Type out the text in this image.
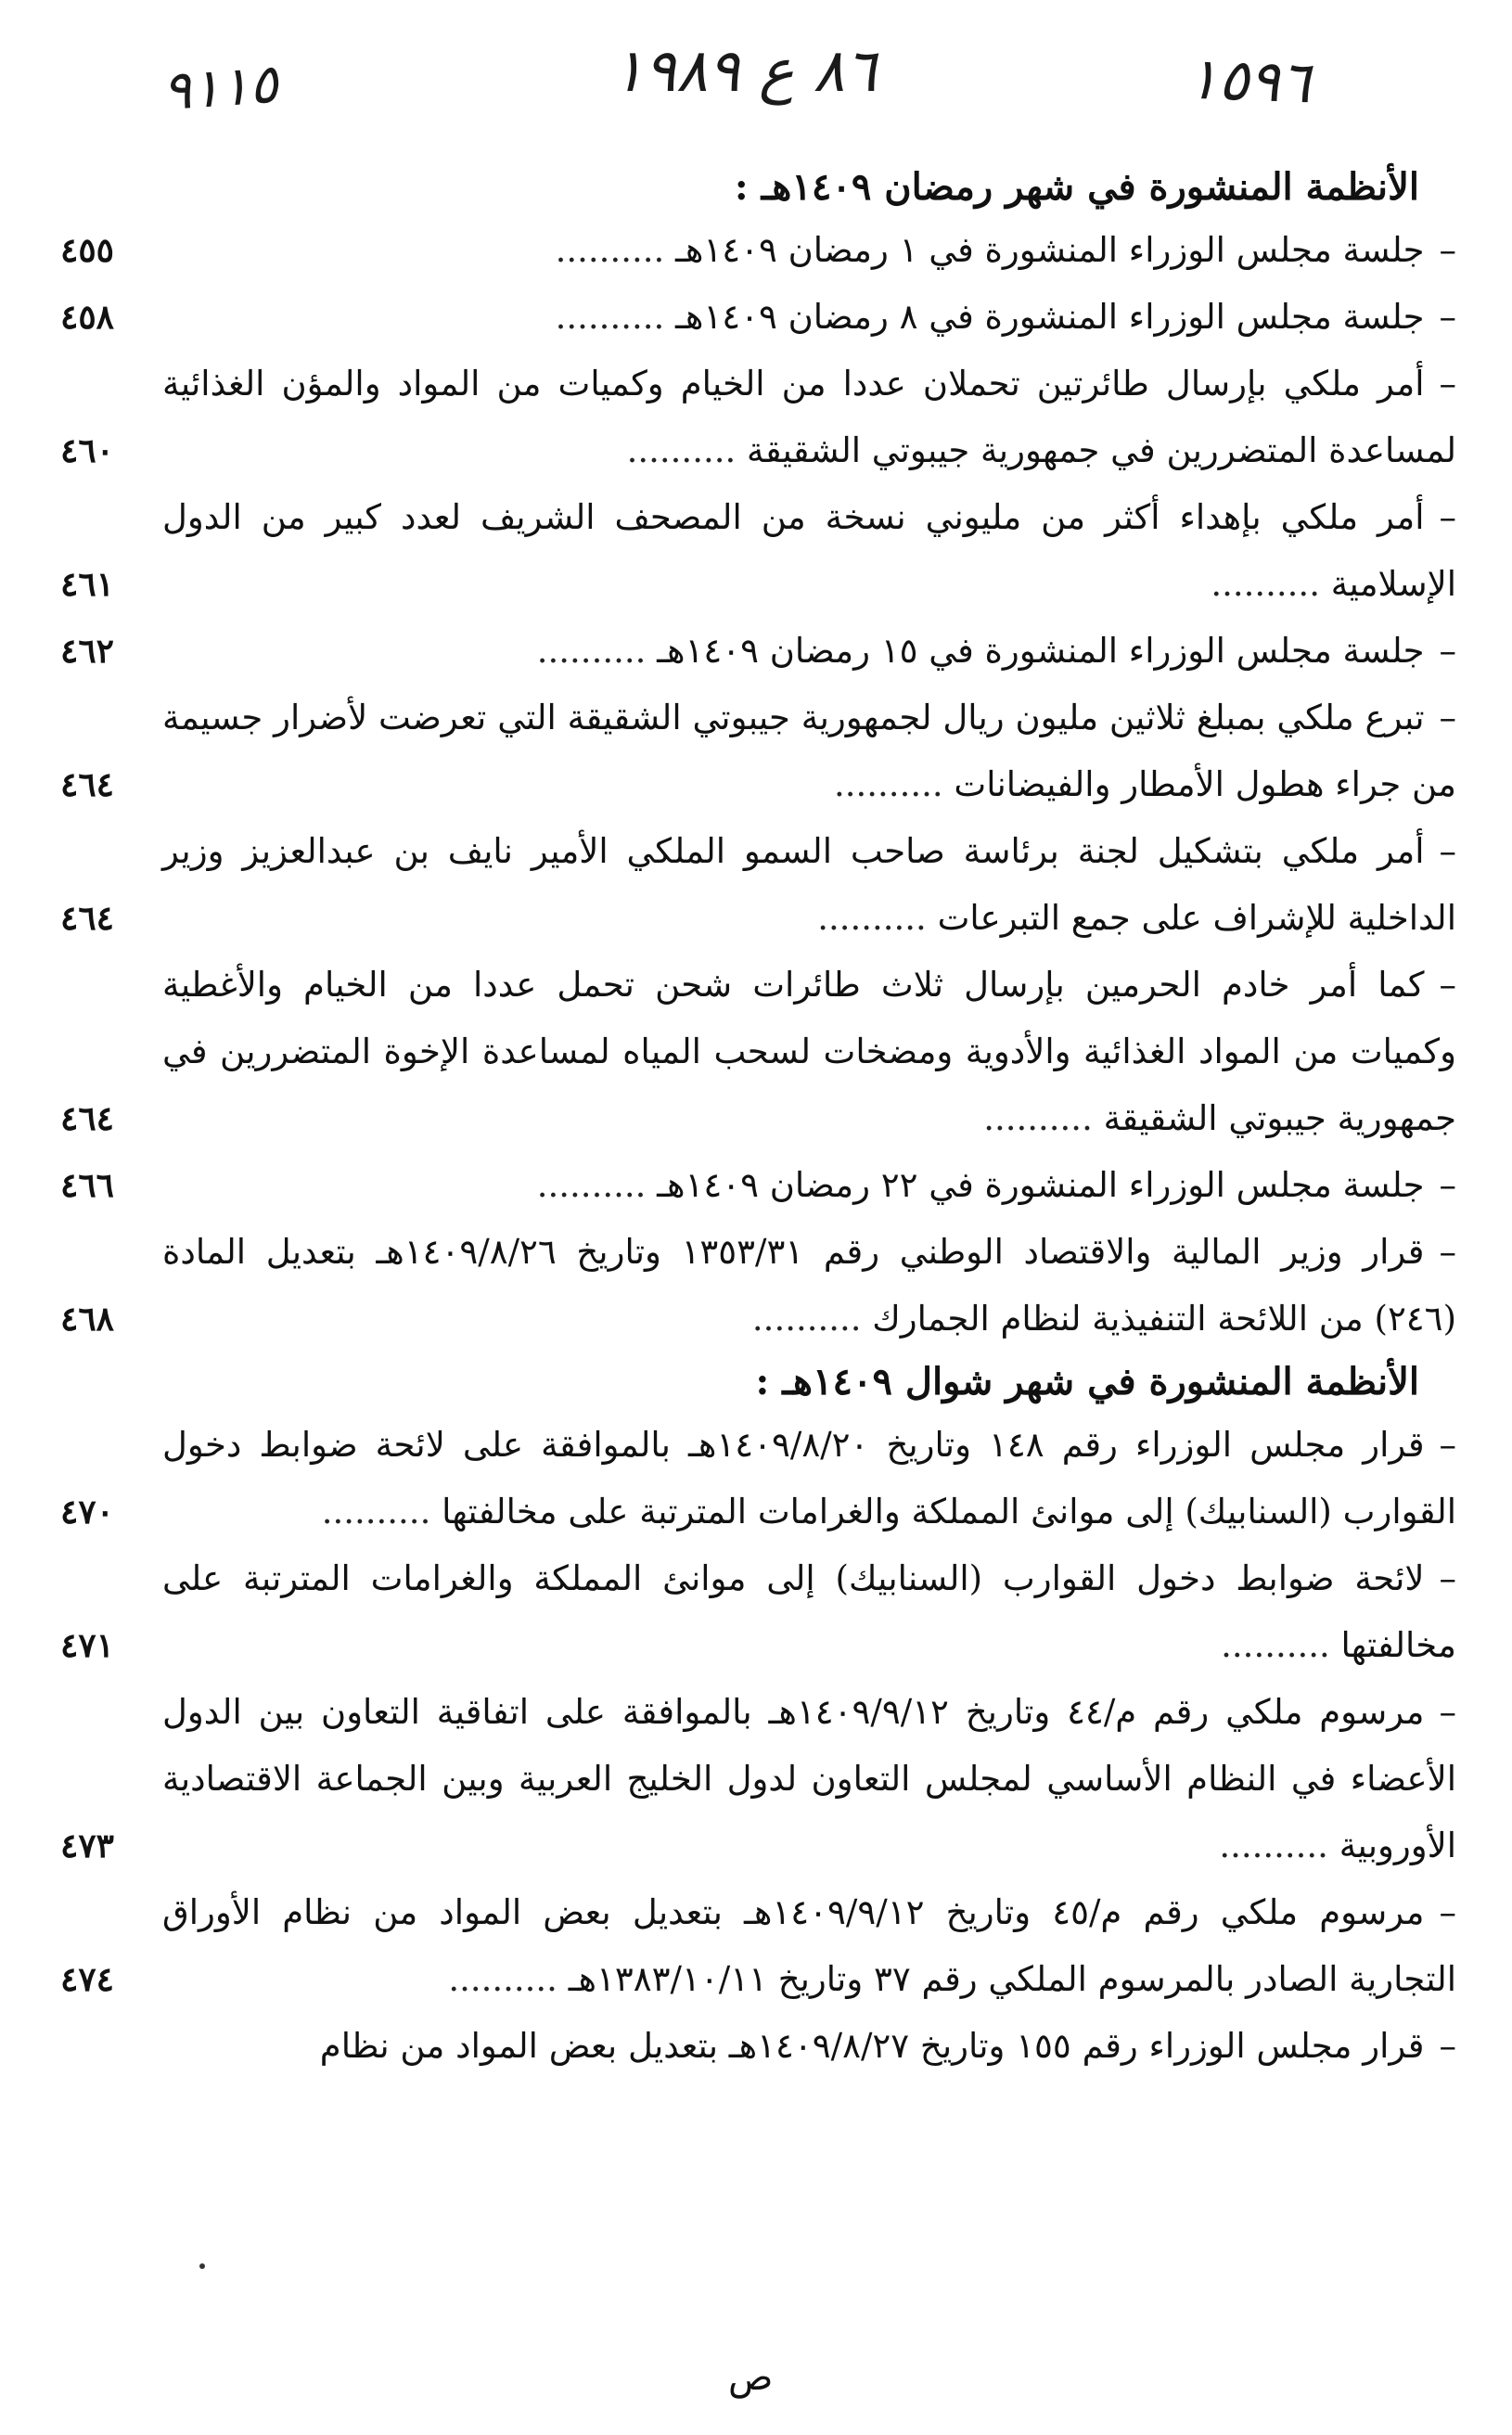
٩١١٥	٨٦ ع ١٩٨٩	١٥٩٦
الأنظمة المنشورة في شهر رمضان ١٤٠٩هـ :
–جلسة مجلس الوزراء المنشورة في ١ رمضان ١٤٠٩هـ ..........
٤٥٥
–جلسة مجلس الوزراء المنشورة في ٨ رمضان ١٤٠٩هـ ..........
٤٥٨
–أمر ملكي بإرسال طائرتين تحملان عددا من الخيام وكميات من المواد والمؤن الغذائية لمساعدة المتضررين في جمهورية جيبوتي الشقيقة ..........
٤٦٠
–أمر ملكي بإهداء أكثر من مليوني نسخة من المصحف الشريف لعدد كبير من الدول الإسلامية ..........
٤٦١
–جلسة مجلس الوزراء المنشورة في ١٥ رمضان ١٤٠٩هـ ..........
٤٦٢
–تبرع ملكي بمبلغ ثلاثين مليون ريال لجمهورية جيبوتي الشقيقة التي تعرضت لأضرار جسيمة من جراء هطول الأمطار والفيضانات ..........
٤٦٤
–أمر ملكي بتشكيل لجنة برئاسة صاحب السمو الملكي الأمير نايف بن عبدالعزيز وزير الداخلية للإشراف على جمع التبرعات ..........
٤٦٤
–كما أمر خادم الحرمين بإرسال ثلاث طائرات شحن تحمل عددا من الخيام والأغطية وكميات من المواد الغذائية والأدوية ومضخات لسحب المياه لمساعدة الإخوة المتضررين في جمهورية جيبوتي الشقيقة ..........
٤٦٤
–جلسة مجلس الوزراء المنشورة في ٢٢ رمضان ١٤٠٩هـ ..........
٤٦٦
–قرار وزير المالية والاقتصاد الوطني رقم ١٣٥٣/٣١ وتاريخ ١٤٠٩/٨/٢٦هـ بتعديل المادة (٢٤٦) من اللائحة التنفيذية لنظام الجمارك ..........
٤٦٨
الأنظمة المنشورة في شهر شوال ١٤٠٩هـ :
–قرار مجلس الوزراء رقم ١٤٨ وتاريخ ١٤٠٩/٨/٢٠هـ بالموافقة على لائحة ضوابط دخول القوارب (السنابيك) إلى موانئ المملكة والغرامات المترتبة على مخالفتها ..........
٤٧٠
–لائحة ضوابط دخول القوارب (السنابيك) إلى موانئ المملكة والغرامات المترتبة على مخالفتها ..........
٤٧١
–مرسوم ملكي رقم م/٤٤ وتاريخ ١٤٠٩/٩/١٢هـ بالموافقة على اتفاقية التعاون بين الدول الأعضاء في النظام الأساسي لمجلس التعاون لدول الخليج العربية وبين الجماعة الاقتصادية الأوروبية ..........
٤٧٣
–مرسوم ملكي رقم م/٤٥ وتاريخ ١٤٠٩/٩/١٢هـ بتعديل بعض المواد من نظام الأوراق التجارية الصادر بالمرسوم الملكي رقم ٣٧ وتاريخ ١٣٨٣/١٠/١١هـ ..........
٤٧٤
–قرار مجلس الوزراء رقم ١٥٥ وتاريخ ١٤٠٩/٨/٢٧هـ بتعديل بعض المواد من نظام
ص
